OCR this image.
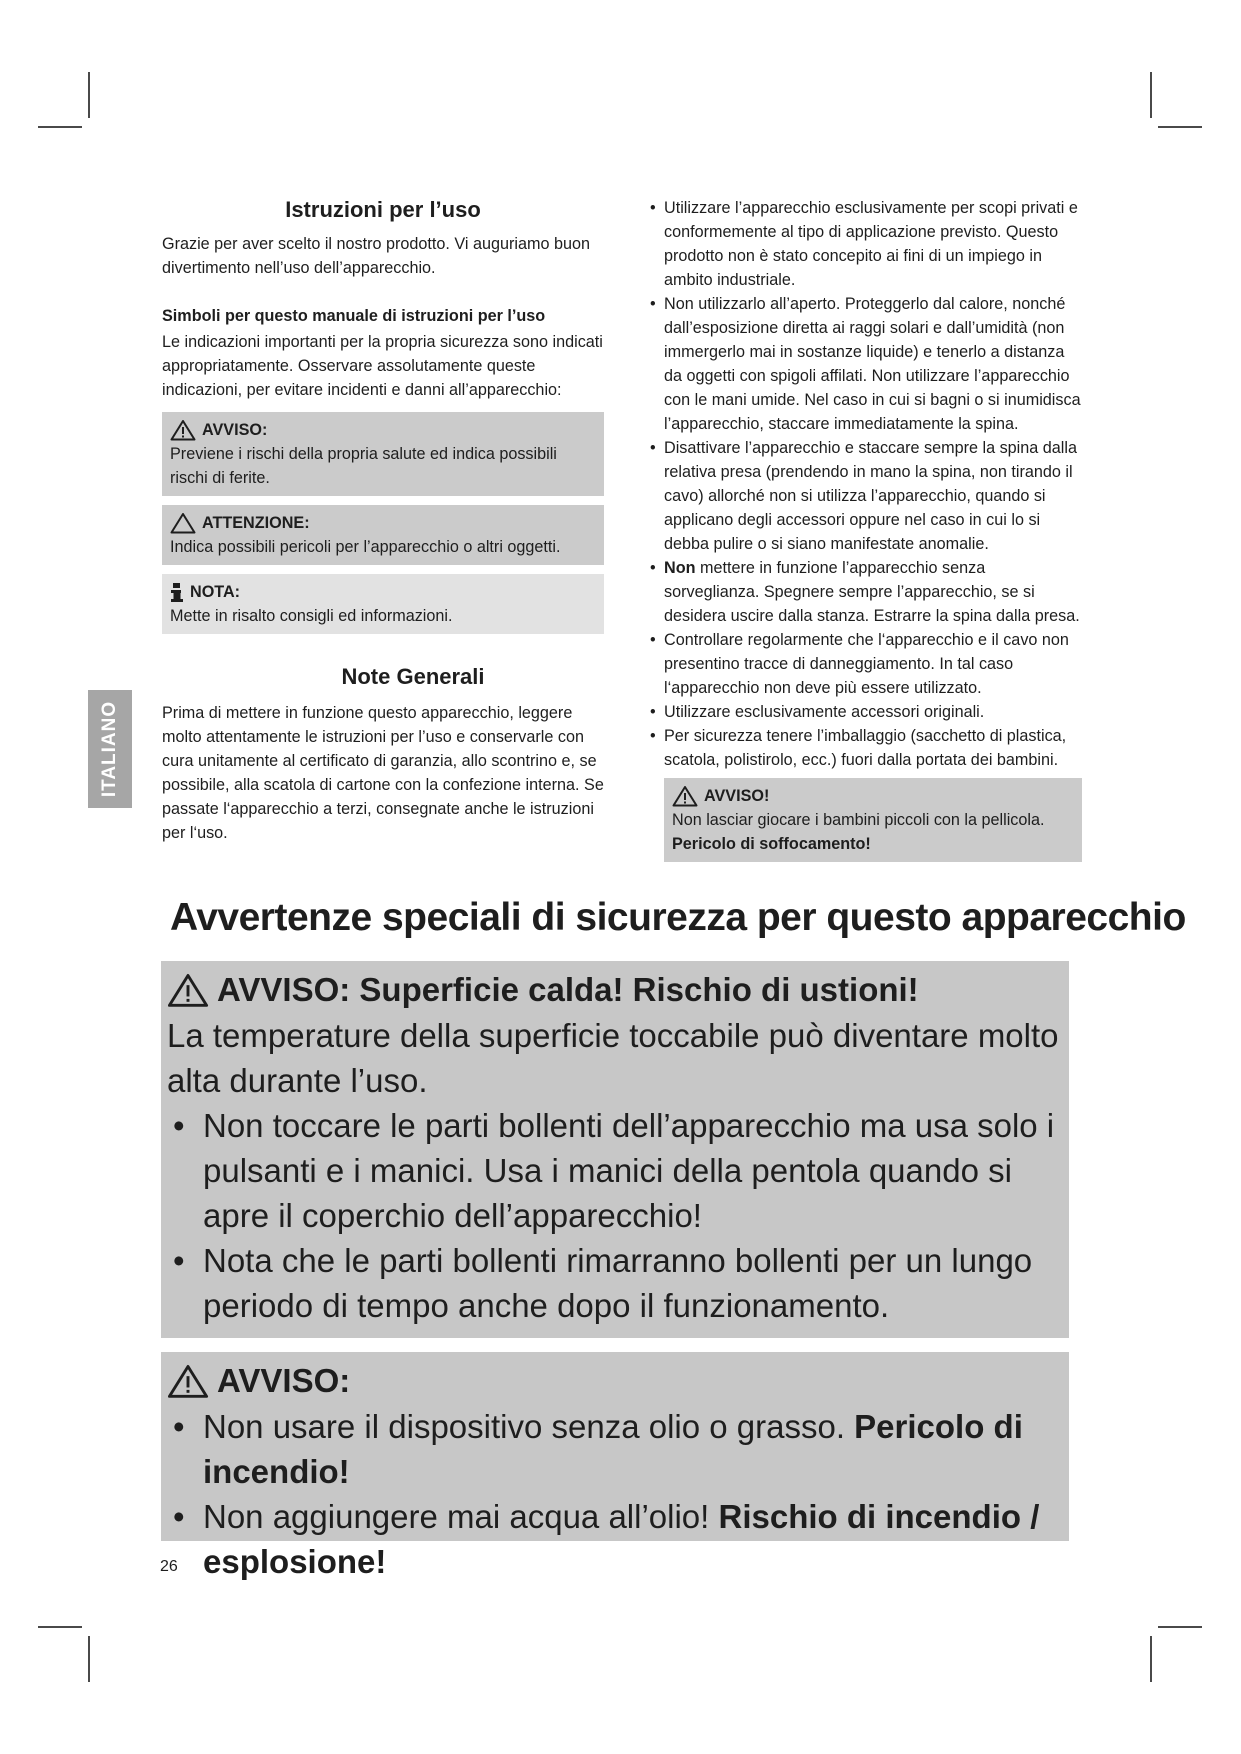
ITALIANO
Istruzioni per l’uso

Grazie per aver scelto il nostro prodotto. Vi auguriamo buon divertimento nell’uso dell’apparecchio.

Simboli per questo manuale di istruzioni per l’uso

Le indicazioni importanti per la propria sicurezza sono indicati appropriatamente. Osservare assolutamente queste indicazioni, per evitare incidenti e danni all’apparecchio:

AVVISO:
Previene i rischi della propria salute ed indica possibili rischi di ferite.
ATTENZIONE:
Indica possibili pericoli per l’apparecchio o altri oggetti.
NOTA:
Mette in risalto consigli ed informazioni.
Note Generali

Prima di mettere in funzione questo apparecchio, leggere molto attentamente le istruzioni per l’uso e conservarle con cura unitamente al certificato di garanzia, allo scontrino e, se possibile, alla scatola di cartone con la confezione interna. Se passate l‘apparecchio a terzi, consegnate anche le istruzioni per l‘uso.

• Utilizzare l’apparecchio esclusivamente per scopi privati e conformemente al tipo di applicazione previsto. Questo prodotto non è stato concepito ai fini di un impiego in ambito industriale.
• Non utilizzarlo all’aperto. Proteggerlo dal calore, nonché dall’esposizione diretta ai raggi solari e dall’umidità (non immergerlo mai in sostanze liquide) e tenerlo a distanza da oggetti con spigoli affilati. Non utilizzare l’apparecchio con le mani umide. Nel caso in cui si bagni o si inumidisca l’apparecchio, staccare immediatamente la spina.
• Disattivare l’apparecchio e staccare sempre la spina dalla relativa presa (prendendo in mano la spina, non tirando il cavo) allorché non si utilizza l’apparecchio, quando si applicano degli accessori oppure nel caso in cui lo si debba pulire o si siano manifestate anomalie.
• Non mettere in funzione l’apparecchio senza sorveglianza. Spegnere sempre l’apparecchio, se si desidera uscire dalla stanza. Estrarre la spina dalla presa.
• Controllare regolarmente che l‘apparecchio e il cavo non presentino tracce di danneggiamento. In tal caso l‘apparecchio non deve più essere utilizzato.
• Utilizzare esclusivamente accessori originali.
• Per sicurezza tenere l’imballaggio (sacchetto di plastica, scatola, polistirolo, ecc.) fuori dalla portata dei bambini.
AVVISO!
Non lasciar giocare i bambini piccoli con la pellicola.
Pericolo di soffocamento!
Avvertenze speciali di sicurezza per questo apparecchio
AVVISO: Superficie calda! Rischio di ustioni!

La temperature della superficie toccabile può diventare molto alta durante l’uso.

• Non toccare le parti bollenti dell’apparecchio ma usa solo i pulsanti e i manici. Usa i manici della pentola quando si apre il coperchio dell’apparecchio!
• Nota che le parti bollenti rimarranno bollenti per un lungo periodo di tempo anche dopo il funzionamento.
AVVISO:
• Non usare il dispositivo senza olio o grasso. Pericolo di incendio!
• Non aggiungere mai acqua all’olio! Rischio di incendio / esplosione!
26
